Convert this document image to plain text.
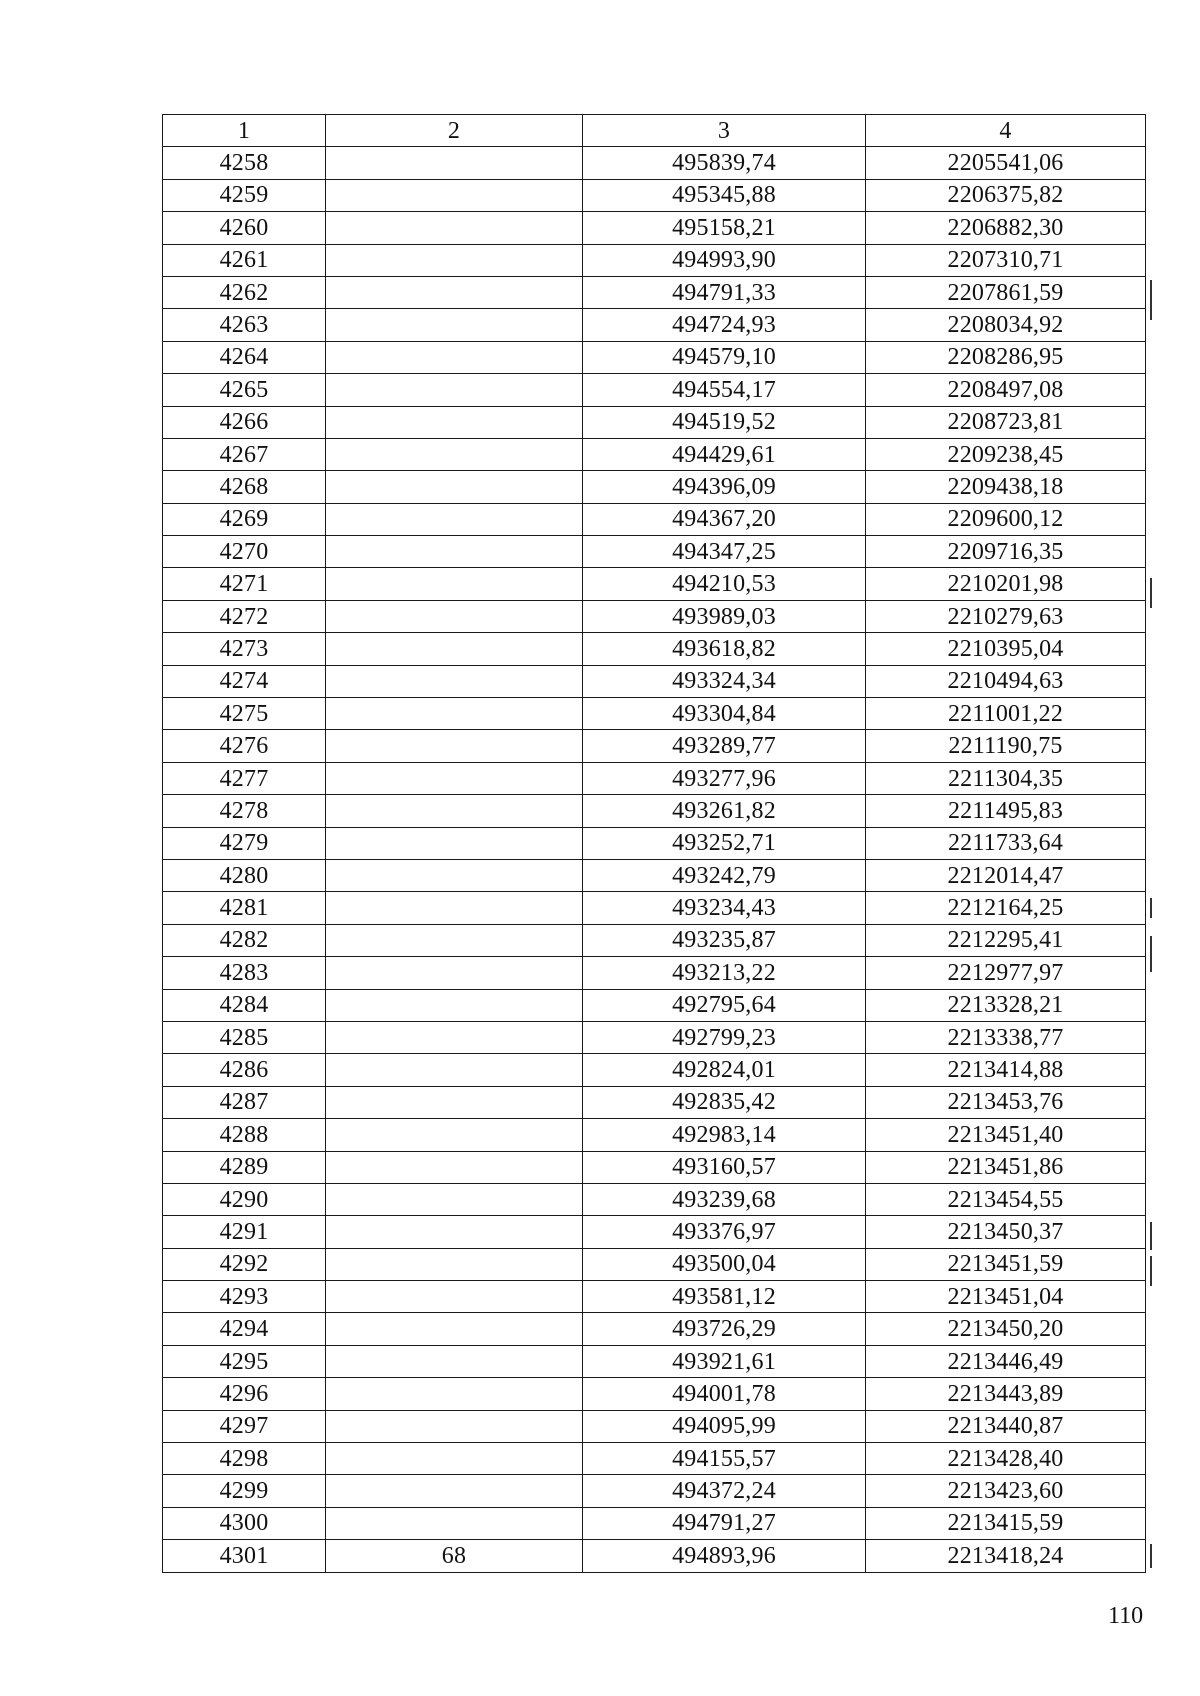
1	2	3	4
4258		495839,74	2205541,06
4259		495345,88	2206375,82
4260		495158,21	2206882,30
4261		494993,90	2207310,71
4262		494791,33	2207861,59
4263		494724,93	2208034,92
4264		494579,10	2208286,95
4265		494554,17	2208497,08
4266		494519,52	2208723,81
4267		494429,61	2209238,45
4268		494396,09	2209438,18
4269		494367,20	2209600,12
4270		494347,25	2209716,35
4271		494210,53	2210201,98
4272		493989,03	2210279,63
4273		493618,82	2210395,04
4274		493324,34	2210494,63
4275		493304,84	2211001,22
4276		493289,77	2211190,75
4277		493277,96	2211304,35
4278		493261,82	2211495,83
4279		493252,71	2211733,64
4280		493242,79	2212014,47
4281		493234,43	2212164,25
4282		493235,87	2212295,41
4283		493213,22	2212977,97
4284		492795,64	2213328,21
4285		492799,23	2213338,77
4286		492824,01	2213414,88
4287		492835,42	2213453,76
4288		492983,14	2213451,40
4289		493160,57	2213451,86
4290		493239,68	2213454,55
4291		493376,97	2213450,37
4292		493500,04	2213451,59
4293		493581,12	2213451,04
4294		493726,29	2213450,20
4295		493921,61	2213446,49
4296		494001,78	2213443,89
4297		494095,99	2213440,87
4298		494155,57	2213428,40
4299		494372,24	2213423,60
4300		494791,27	2213415,59
4301	68	494893,96	2213418,24
110
